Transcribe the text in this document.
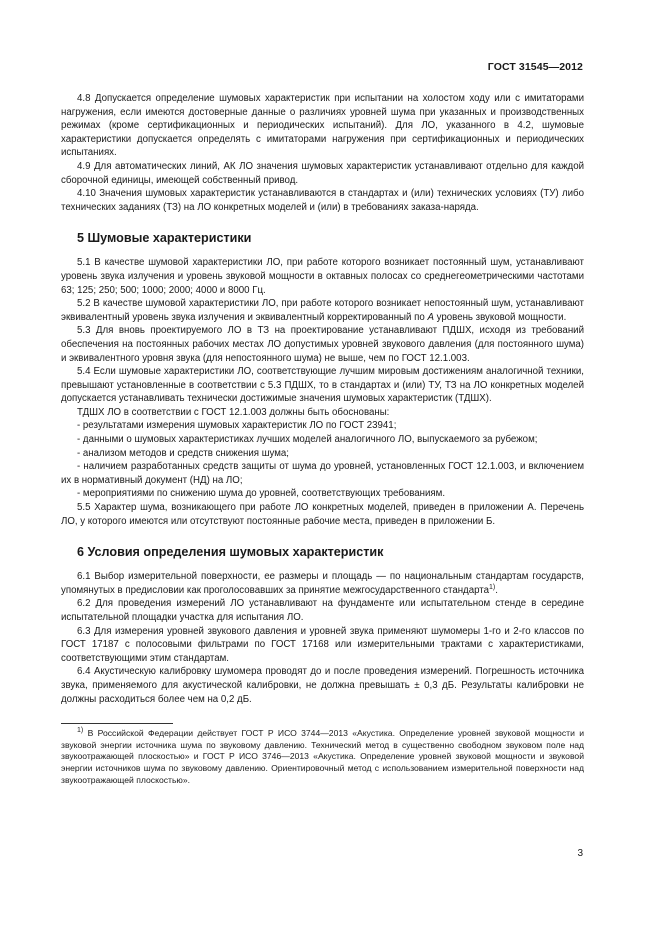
ГОСТ 31545—2012

4.8 Допускается определение шумовых характеристик при испытании на холостом ходу или с имитаторами нагружения, если имеются достоверные данные о различиях уровней шума при указанных и производственных режимах (кроме сертификационных и периодических испытаний). Для ЛО, указанного в 4.2, шумовые характеристики допускается определять с имитаторами нагружения при сертификационных и периодических испытаниях.

4.9 Для автоматических линий, АК ЛО значения шумовых характеристик устанавливают отдельно для каждой сборочной единицы, имеющей собственный привод.

4.10 Значения шумовых характеристик устанавливаются в стандартах и (или) технических условиях (ТУ) либо технических заданиях (ТЗ) на ЛО конкретных моделей и (или) в требованиях заказа-наряда.

5 Шумовые характеристики

5.1 В качестве шумовой характеристики ЛО, при работе которого возникает постоянный шум, устанавливают уровень звука излучения и уровень звуковой мощности в октавных полосах со среднегеометрическими частотами 63; 125; 250; 500; 1000; 2000; 4000 и 8000 Гц.

5.2 В качестве шумовой характеристики ЛО, при работе которого возникает непостоянный шум, устанавливают эквивалентный уровень звука излучения и эквивалентный корректированный по А уровень звуковой мощности.

5.3 Для вновь проектируемого ЛО в ТЗ на проектирование устанавливают ПДШХ, исходя из требований обеспечения на постоянных рабочих местах ЛО допустимых уровней звукового давления (для постоянного шума) и эквивалентного уровня звука (для непостоянного шума) не выше, чем по ГОСТ 12.1.003.

5.4 Если шумовые характеристики ЛО, соответствующие лучшим мировым достижениям аналогичной техники, превышают установленные в соответствии с 5.3 ПДШХ, то в стандартах и (или) ТУ, ТЗ на ЛО конкретных моделей допускается устанавливать технически достижимые значения шумовых характеристик (ТДШХ).

ТДШХ ЛО в соответствии с ГОСТ 12.1.003 должны быть обоснованы:

- результатами измерения шумовых характеристик ЛО по ГОСТ 23941;

- данными о шумовых характеристиках лучших моделей аналогичного ЛО, выпускаемого за рубежом;

- анализом методов и средств снижения шума;

- наличием разработанных средств защиты от шума до уровней, установленных ГОСТ 12.1.003, и включением их в нормативный документ (НД) на ЛО;

- мероприятиями по снижению шума до уровней, соответствующих требованиям.

5.5 Характер шума, возникающего при работе ЛО конкретных моделей, приведен в приложении А. Перечень ЛО, у которого имеются или отсутствуют постоянные рабочие места, приведен в приложении Б.

6 Условия определения шумовых характеристик

6.1 Выбор измерительной поверхности, ее размеры и площадь — по национальным стандартам государств, упомянутых в предисловии как проголосовавших за принятие межгосударственного стандарта$^{1)}$.

6.2 Для проведения измерений ЛО устанавливают на фундаменте или испытательном стенде в середине испытательной площадки участка для испытания ЛО.

6.3 Для измерения уровней звукового давления и уровней звука применяют шумомеры 1-го и 2-го классов по ГОСТ 17187 с полосовыми фильтрами по ГОСТ 17168 или измерительными трактами с характеристиками, соответствующими этим стандартам.

6.4 Акустическую калибровку шумомера проводят до и после проведения измерений. Погрешность источника звука, применяемого для акустической калибровки, не должна превышать ± 0,3 дБ. Результаты калибровки не должны расходиться более чем на 0,2 дБ.

$^{1)}$ В Российской Федерации действует ГОСТ Р ИСО 3744—2013 «Акустика. Определение уровней звуковой мощности и звуковой энергии источника шума по звуковому давлению. Технический метод в существенно свободном звуковом поле над звукоотражающей плоскостью» и ГОСТ Р ИСО 3746—2013 «Акустика. Определение уровней звуковой мощности и звуковой энергии источников шума по звуковому давлению. Ориентировочный метод с использованием измерительной поверхности над звукоотражающей плоскостью».

3
